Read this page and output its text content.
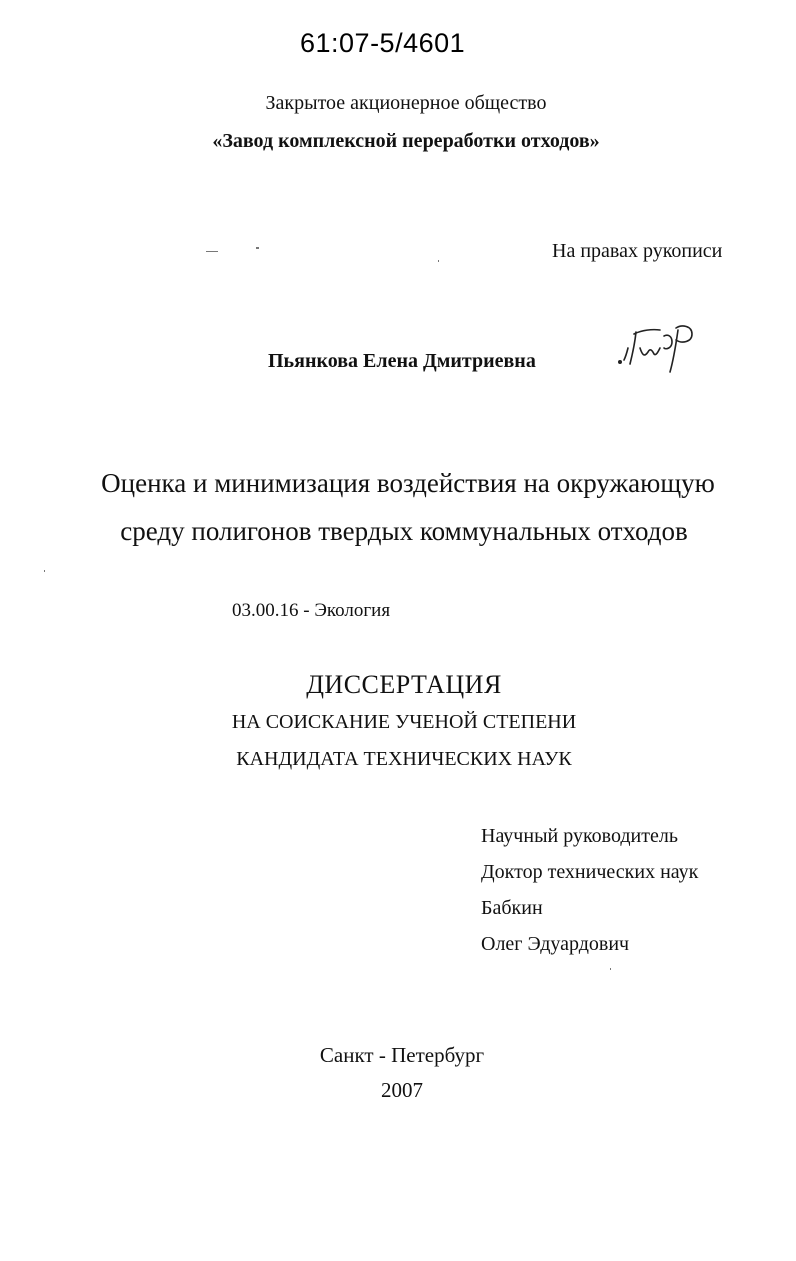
61:07-5/4601
Закрытое акционерное общество
«Завод комплексной переработки отходов»
На правах рукописи
Пьянкова Елена Дмитриевна
Оценка и минимизация воздействия на окружающую
среду полигонов твердых коммунальных отходов
03.00.16 - Экология
ДИССЕРТАЦИЯ
НА СОИСКАНИЕ УЧЕНОЙ СТЕПЕНИ
КАНДИДАТА ТЕХНИЧЕСКИХ НАУК
Научный руководитель
Доктор технических наук
Бабкин
Олег Эдуардович
Санкт - Петербург
2007
